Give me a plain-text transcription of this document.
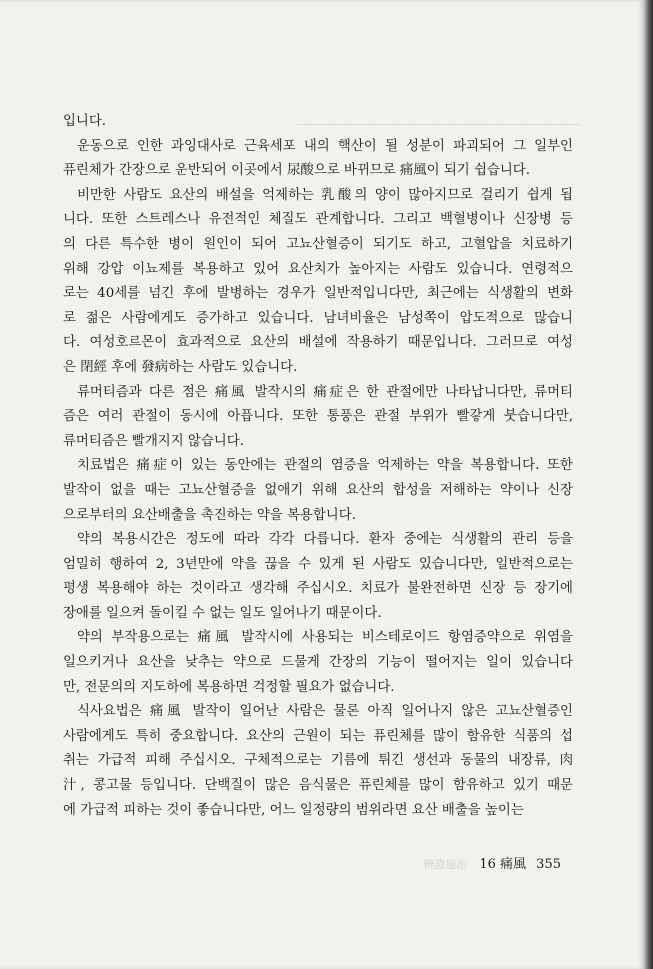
──────────────────────────────────

입니다.

운동으로 인한 과잉대사로 근육세포 내의 핵산이 될 성분이 파괴되어 그 일부인
퓨린체가 간장으로 운반되어 이곳에서 尿酸으로 바뀌므로 痛風이 되기 쉽습니다.

비만한 사람도 요산의 배설을 억제하는 乳酸의 양이 많아지므로 걸리기 쉽게 됩
니다. 또한 스트레스나 유전적인 체질도 관계합니다. 그리고 백혈병이나 신장병 등
의 다른 특수한 병이 원인이 되어 고뇨산혈증이 되기도 하고, 고혈압을 치료하기
위해 강압 이뇨제를 복용하고 있어 요산치가 높아지는 사람도 있습니다. 연령적으
로는 40세를 넘긴 후에 발병하는 경우가 일반적입니다만, 최근에는 식생활의 변화
로 젊은 사람에게도 증가하고 있습니다. 남녀비율은 남성쪽이 압도적으로 많습니
다. 여성호르몬이 효과적으로 요산의 배설에 작용하기 때문입니다. 그러므로 여성
은 閉經 후에 發病하는 사람도 있습니다.

류머티즘과 다른 점은 痛風 발작시의 痛症은 한 관절에만 나타납니다만, 류머티
즘은 여러 관절이 동시에 아픕니다. 또한 통풍은 관절 부위가 빨갛게 붓습니다만,
류머티즘은 빨개지지 않습니다.

치료법은 痛症이 있는 동안에는 관절의 염증을 억제하는 약을 복용합니다. 또한
발작이 없을 때는 고뇨산혈증을 없애기 위해 요산의 합성을 저해하는 약이나 신장
으로부터의 요산배출을 촉진하는 약을 복용합니다.

약의 복용시간은 정도에 따라 각각 다릅니다. 환자 중에는 식생활의 관리 등을
엄밀히 행하여 2, 3년만에 약을 끊을 수 있게 된 사람도 있습니다만, 일반적으로는
평생 복용해야 하는 것이라고 생각해 주십시오. 치료가 불완전하면 신장 등 장기에
장애를 일으켜 돌이킬 수 없는 일도 일어나기 때문이다.

약의 부작용으로는 痛風 발작시에 사용되는 비스테로이드 항염증약으로 위염을
일으키거나 요산을 낮추는 약으로 드물게 간장의 기능이 떨어지는 일이 있습니다
만, 전문의의 지도하에 복용하면 걱정할 필요가 없습니다.

식사요법은 痛風 발작이 일어난 사람은 물론 아직 일어나지 않은 고뇨산혈증인
사람에게도 특히 중요합니다. 요산의 근원이 되는 퓨린체를 많이 함유한 식품의 섭
취는 가급적 피해 주십시오. 구체적으로는 기름에 튀긴 생선과 동물의 내장류, 肉
汁, 콩고물 등입니다. 단백질이 많은 음식물은 퓨린체를 많이 함유하고 있기 때문
에 가급적 피하는 것이 좋습니다만, 어느 일정량의 범위라면 요산 배출을 높이는

辨證施治 16 痛風 355
